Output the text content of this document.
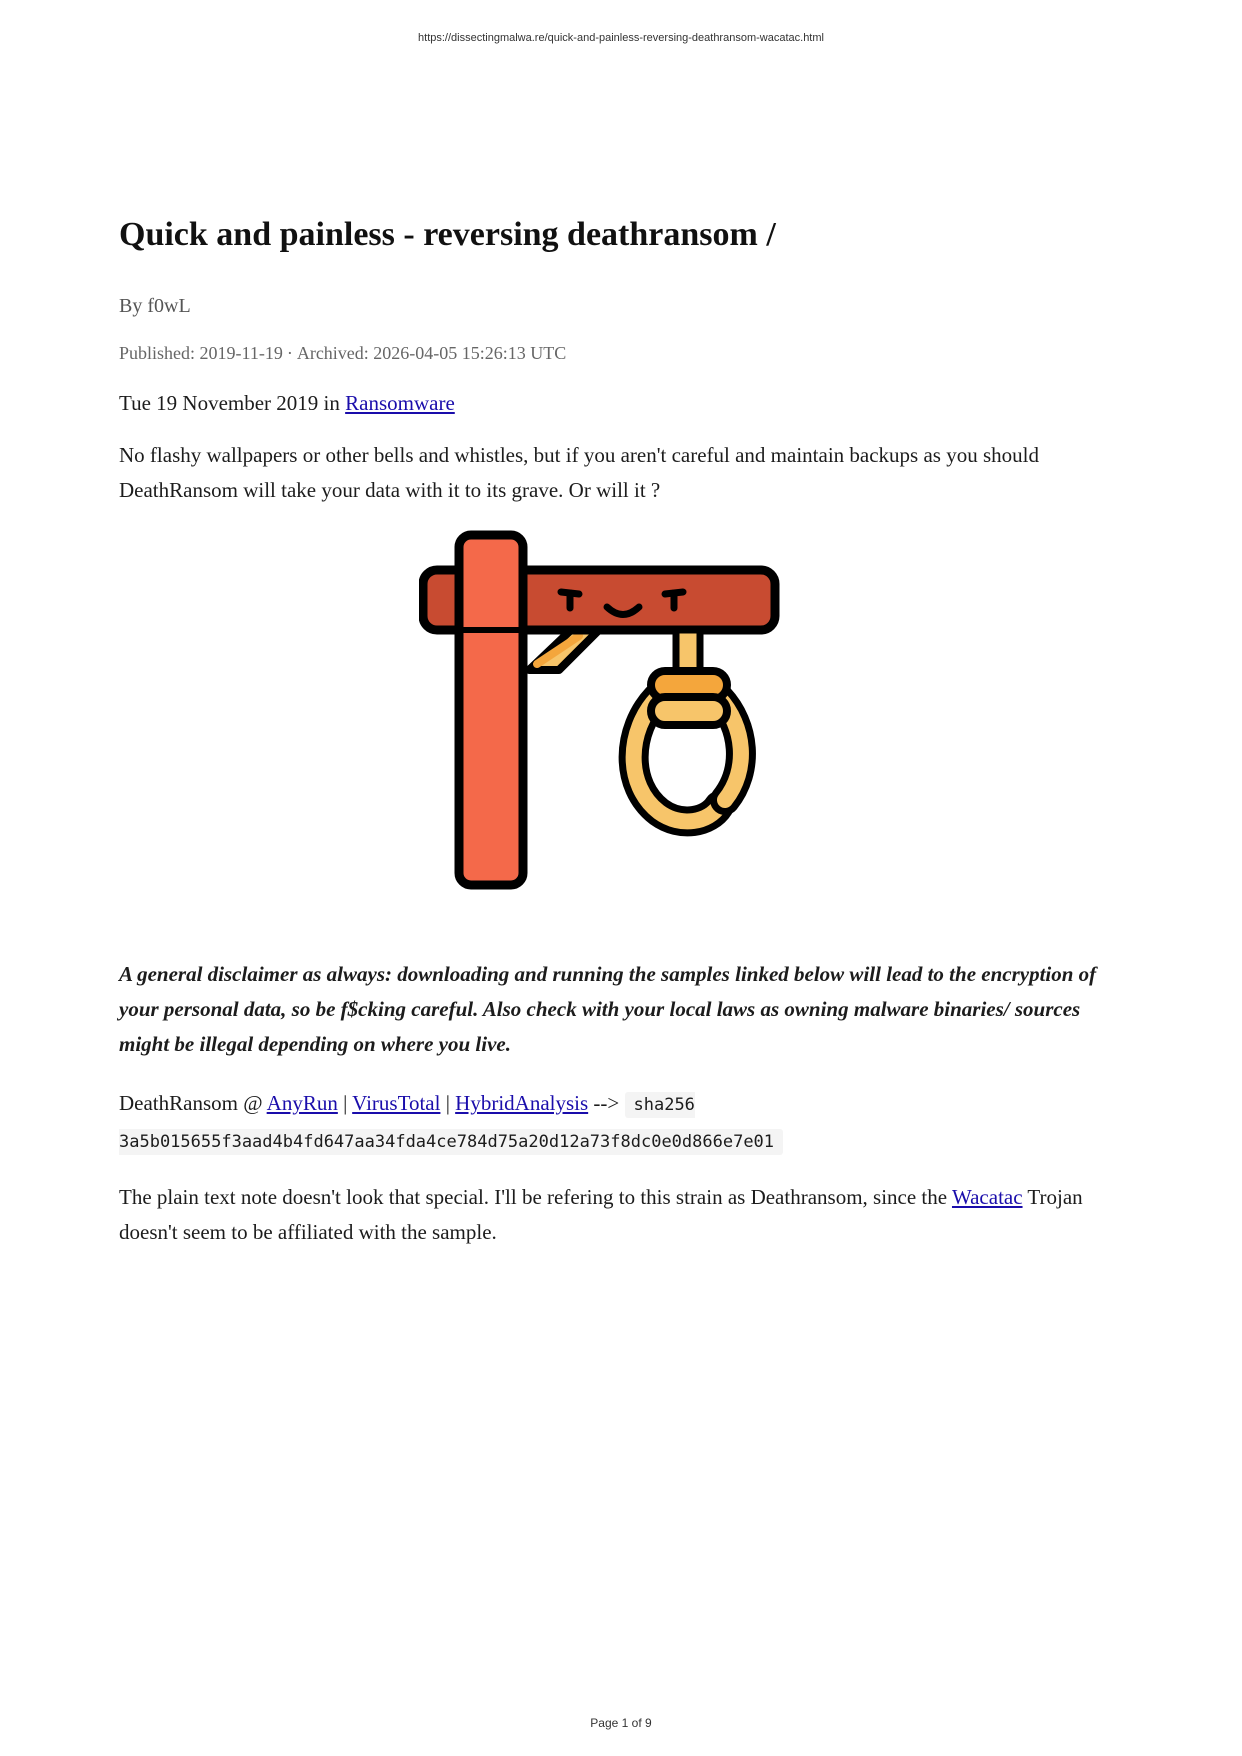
https://dissectingmalwa.re/quick-and-painless-reversing-deathransom-wacatac.html
Quick and painless - reversing deathransom /
By f0wL
Published: 2019-11-19 · Archived: 2026-04-05 15:26:13 UTC
Tue 19 November 2019 in Ransomware

No flashy wallpapers or other bells and whistles, but if you aren't careful and maintain backups as you should DeathRansom will take your data with it to its grave. Or will it ?

A general disclaimer as always: downloading and running the samples linked below will lead to the encryption of your personal data, so be f$cking careful. Also check with your local laws as owning malware binaries/ sources might be illegal depending on where you live.

DeathRansom @ AnyRun | VirusTotal | HybridAnalysis --> sha256 3a5b015655f3aad4b4fd647aa34fda4ce784d75a20d12a73f8dc0e0d866e7e01

The plain text note doesn't look that special. I'll be refering to this strain as Deathransom, since the Wacatac Trojan doesn't seem to be affiliated with the sample.

Page 1 of 9
